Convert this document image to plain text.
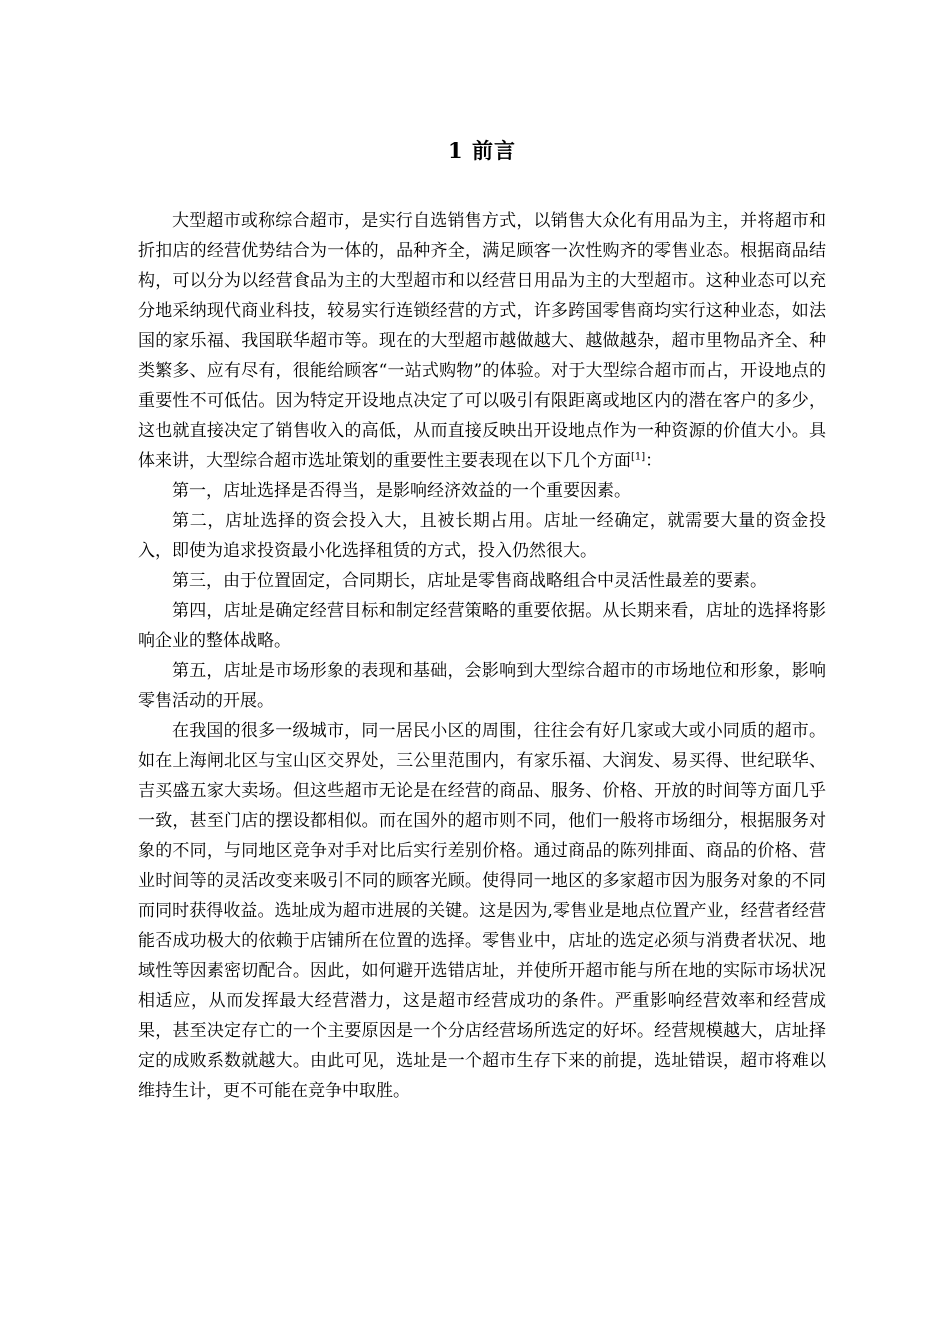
1 前言

大型超市或称综合超市，是实行自选销售方式，以销售大众化有用品为主，并将超市和折扣店的经营优势结合为一体的，品种齐全，满足顾客一次性购齐的零售业态。根据商品结构，可以分为以经营食品为主的大型超市和以经营日用品为主的大型超市。这种业态可以充分地采纳现代商业科技，较易实行连锁经营的方式，许多跨国零售商均实行这种业态，如法国的家乐福、我国联华超市等。现在的大型超市越做越大、越做越杂，超市里物品齐全、种类繁多、应有尽有，很能给顾客“一站式购物”的体验。对于大型综合超市而占，开设地点的重要性不可低估。因为特定开设地点决定了可以吸引有限距离或地区内的潜在客户的多少，这也就直接决定了销售收入的高低，从而直接反映出开设地点作为一种资源的价值大小。具体来讲，大型综合超市选址策划的重要性主要表现在以下几个方面[1]：

第一，店址选择是否得当，是影响经济效益的一个重要因素。

第二，店址选择的资会投入大，且被长期占用。店址一经确定，就需要大量的资金投入，即使为追求投资最小化选择租赁的方式，投入仍然很大。

第三，由于位置固定，合同期长，店址是零售商战略组合中灵活性最差的要素。

第四，店址是确定经营目标和制定经营策略的重要依据。从长期来看，店址的选择将影响企业的整体战略。

第五，店址是市场形象的表现和基础，会影响到大型综合超市的市场地位和形象，影响零售活动的开展。

在我国的很多一级城市，同一居民小区的周围，往往会有好几家或大或小同质的超市。如在上海闸北区与宝山区交界处，三公里范围内，有家乐福、大润发、易买得、世纪联华、吉买盛五家大卖场。但这些超市无论是在经营的商品、服务、价格、开放的时间等方面几乎一致，甚至门店的摆设都相似。而在国外的超市则不同，他们一般将市场细分，根据服务对象的不同，与同地区竞争对手对比后实行差别价格。通过商品的陈列排面、商品的价格、营业时间等的灵活改变来吸引不同的顾客光顾。使得同一地区的多家超市因为服务对象的不同而同时获得收益。选址成为超市进展的关键。这是因为,零售业是地点位置产业，经营者经营能否成功极大的依赖于店铺所在位置的选择。零售业中，店址的选定必须与消费者状况、地域性等因素密切配合。因此，如何避开选错店址，并使所开超市能与所在地的实际市场状况相适应，从而发挥最大经营潜力，这是超市经营成功的条件。严重影响经营效率和经营成果，甚至决定存亡的一个主要原因是一个分店经营场所选定的好坏。经营规模越大，店址择定的成败系数就越大。由此可见，选址是一个超市生存下来的前提，选址错误，超市将难以维持生计，更不可能在竞争中取胜。
